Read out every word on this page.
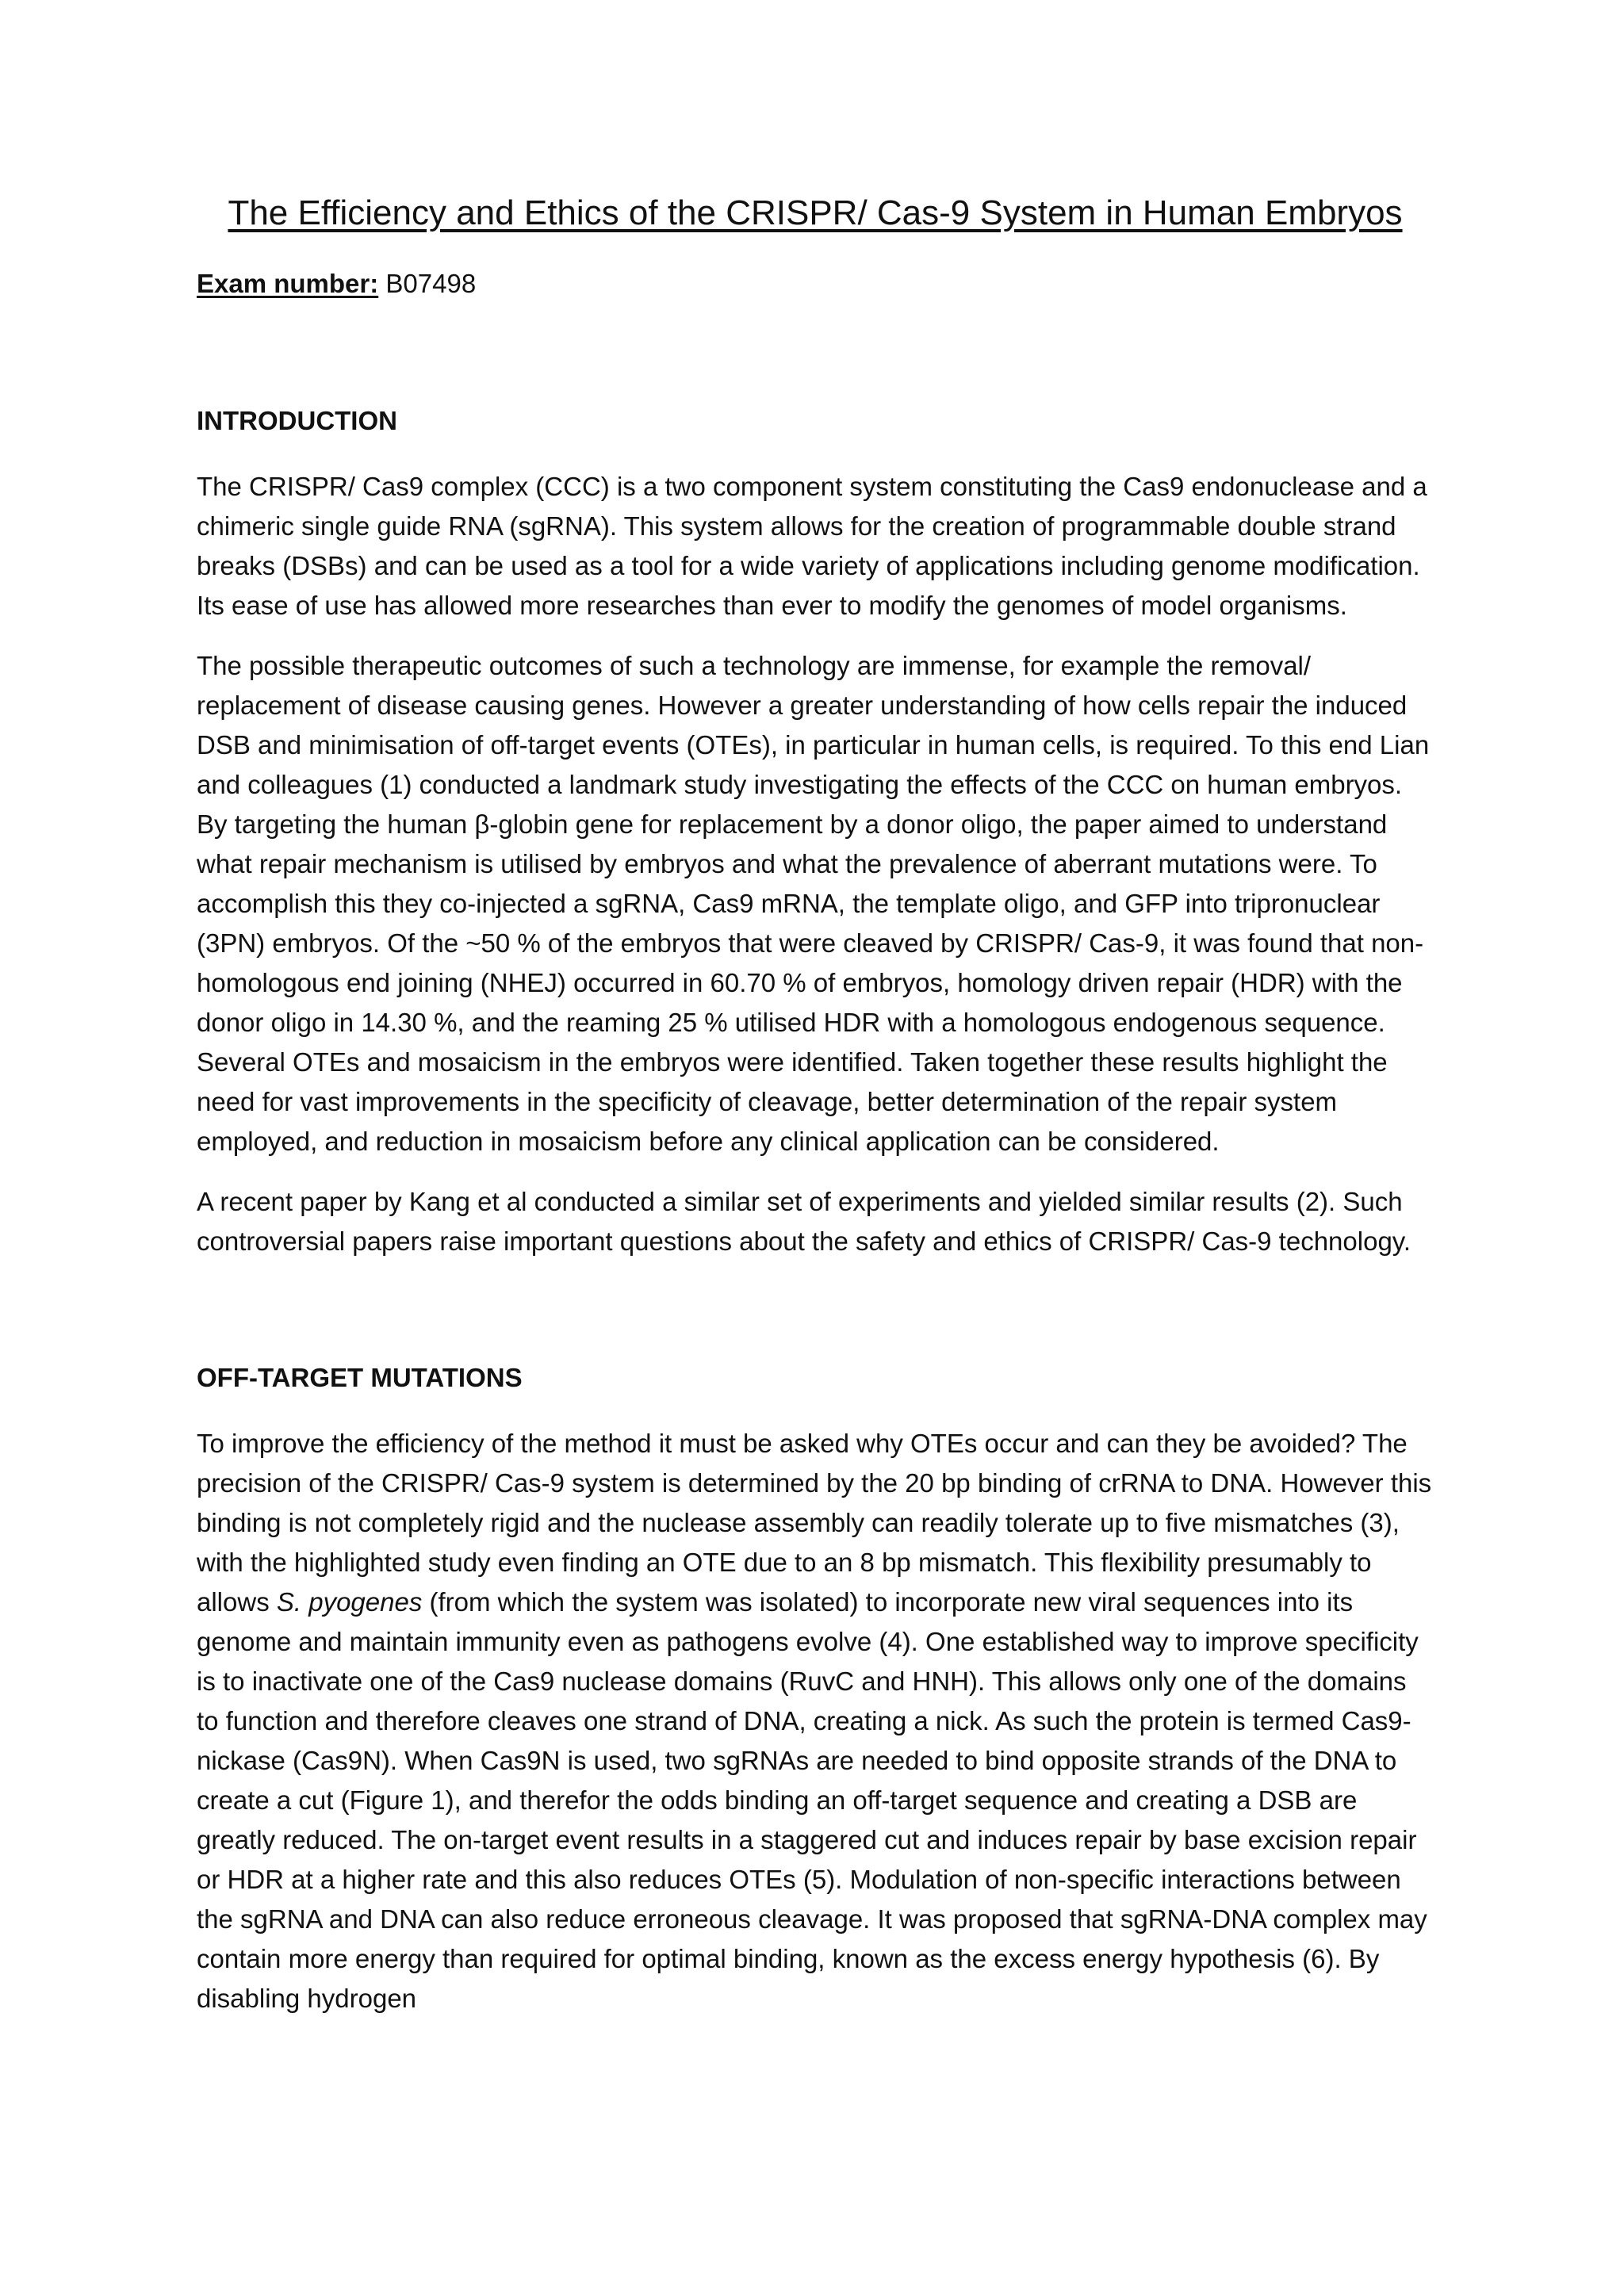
The Efficiency and Ethics of the CRISPR/ Cas-9 System in Human Embryos
Exam number: B07498
INTRODUCTION

The CRISPR/ Cas9 complex (CCC) is a two component system constituting the Cas9 endonuclease and a chimeric single guide RNA (sgRNA). This system allows for the creation of programmable double strand breaks (DSBs) and can be used as a tool for a wide variety of applications including genome modification. Its ease of use has allowed more researches than ever to modify the genomes of model organisms.

The possible therapeutic outcomes of such a technology are immense, for example the removal/ replacement of disease causing genes. However a greater understanding of how cells repair the induced DSB and minimisation of off-target events (OTEs), in particular in human cells, is required. To this end Lian and colleagues (1) conducted a landmark study investigating the effects of the CCC on human embryos. By targeting the human β-globin gene for replacement by a donor oligo, the paper aimed to understand what repair mechanism is utilised by embryos and what the prevalence of aberrant mutations were. To accomplish this they co-injected a sgRNA, Cas9 mRNA, the template oligo, and GFP into tripronuclear (3PN) embryos. Of the ~50 % of the embryos that were cleaved by CRISPR/ Cas-9, it was found that non-homologous end joining (NHEJ) occurred in 60.70 % of embryos, homology driven repair (HDR) with the donor oligo in 14.30 %, and the reaming 25 % utilised HDR with a homologous endogenous sequence. Several OTEs and mosaicism in the embryos were identified. Taken together these results highlight the need for vast improvements in the specificity of cleavage, better determination of the repair system employed, and reduction in mosaicism before any clinical application can be considered.

A recent paper by Kang et al conducted a similar set of experiments and yielded similar results (2). Such controversial papers raise important questions about the safety and ethics of CRISPR/ Cas-9 technology.

OFF-TARGET MUTATIONS

To improve the efficiency of the method it must be asked why OTEs occur and can they be avoided? The precision of the CRISPR/ Cas-9 system is determined by the 20 bp binding of crRNA to DNA. However this binding is not completely rigid and the nuclease assembly can readily tolerate up to five mismatches (3), with the highlighted study even finding an OTE due to an 8 bp mismatch. This flexibility presumably to allows S. pyogenes (from which the system was isolated) to incorporate new viral sequences into its genome and maintain immunity even as pathogens evolve (4). One established way to improve specificity is to inactivate one of the Cas9 nuclease domains (RuvC and HNH). This allows only one of the domains to function and therefore cleaves one strand of DNA, creating a nick. As such the protein is termed Cas9-nickase (Cas9N). When Cas9N is used, two sgRNAs are needed to bind opposite strands of the DNA to create a cut (Figure 1), and therefor the odds binding an off-target sequence and creating a DSB are greatly reduced. The on-target event results in a staggered cut and induces repair by base excision repair or HDR at a higher rate and this also reduces OTEs (5). Modulation of non-specific interactions between the sgRNA and DNA can also reduce erroneous cleavage. It was proposed that sgRNA-DNA complex may contain more energy than required for optimal binding, known as the excess energy hypothesis (6). By disabling hydrogen
